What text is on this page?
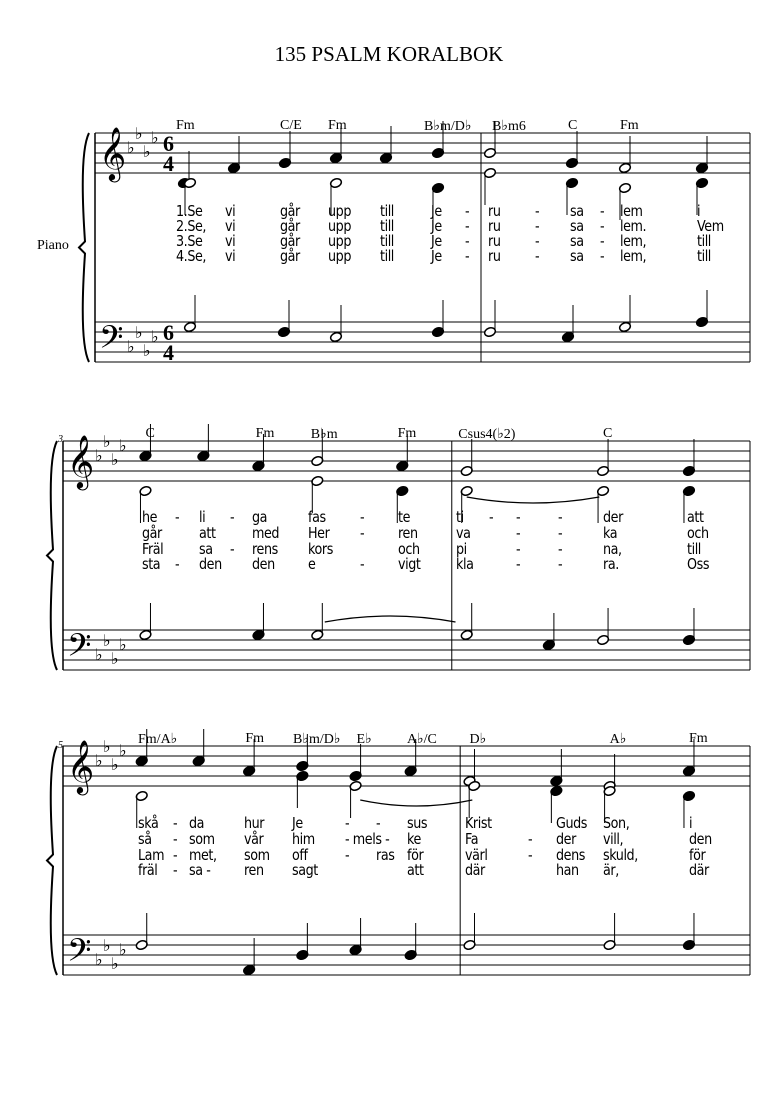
135 PSALM KORALBOK
Piano
3
5
𝄞 ♭
♭
♭
♭
𝄢 ♭
♭
♭
♭
6
4
6
4
𝄞 ♭
♭
♭
♭
𝄢 ♭
♭
♭
♭
𝄞 ♭
♭
♭
♭
𝄢 ♭
♭
♭
♭
Fm	C/E Fm	B♭m/D♭ B♭m6	C	Fm
1.Se vi	går upp till Je - ru - sa - lem	i
2.Se, vi	går upp till Je - ru - sa - lem.	Vem
3.Se vi	går upp till Je - ru - sa - lem,	till
4.Se, vi	går upp till Je - ru - sa - lem,	till
C	Fm	B♭m	Fm	Csus4(♭2)	C
he - li - ga	fas - te	ti - -	-	der	att
går att med Her - ren	va	-	-	ka	och
Fräl sa - rens kors	och pi	-	-	na,	till
sta - den den e	- vigt kla	-	-	ra.	Oss
Fm/A♭	Fm B♭m/D♭ E♭	A♭/C D♭	A♭	Fm
skå - da	hur Je	- - sus	Krist	Guds Son,	i
så - som vår him - mels - ke	Fa	- der vill,	den
Lam - met, som off	- ras för	värl	- dens skuld,	för
fräl - sa - ren sagt	att	där	han är,	där
